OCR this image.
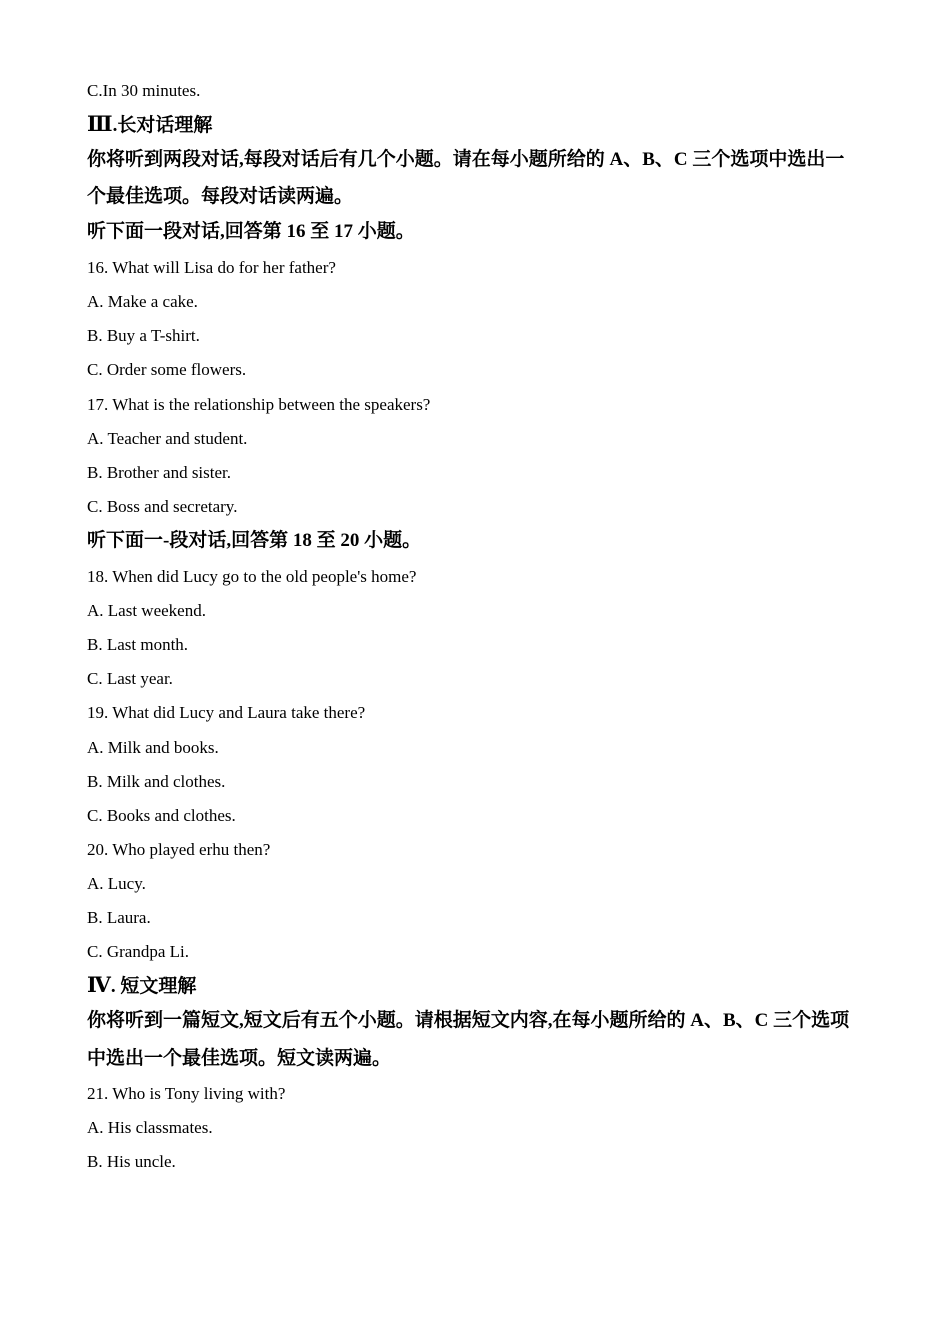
C.In 30 minutes.
Ⅲ.长对话理解
你将听到两段对话,每段对话后有几个小题。请在每小题所给的 A、B、C 三个选项中选出一
个最佳选项。每段对话读两遍。
听下面一段对话,回答第 16 至 17 小题。
16. What will Lisa do for her father?
A. Make a cake.
B. Buy a T-shirt.
C. Order some flowers.
17. What is the relationship between the speakers?
A. Teacher and student.
B. Brother and sister.
C. Boss and secretary.
听下面一-段对话,回答第 18 至 20 小题。
18. When did Lucy go to the old people's home?
A. Last weekend.
B. Last month.
C. Last year.
19. What did Lucy and Laura take there?
A. Milk and books.
B. Milk and clothes.
C. Books and clothes.
20. Who played erhu then?
A. Lucy.
B. Laura.
C. Grandpa Li.
Ⅳ. 短文理解
你将听到一篇短文,短文后有五个小题。请根据短文内容,在每小题所给的 A、B、C 三个选项
中选出一个最佳选项。短文读两遍。
21. Who is Tony living with?
A. His classmates.
B. His uncle.
